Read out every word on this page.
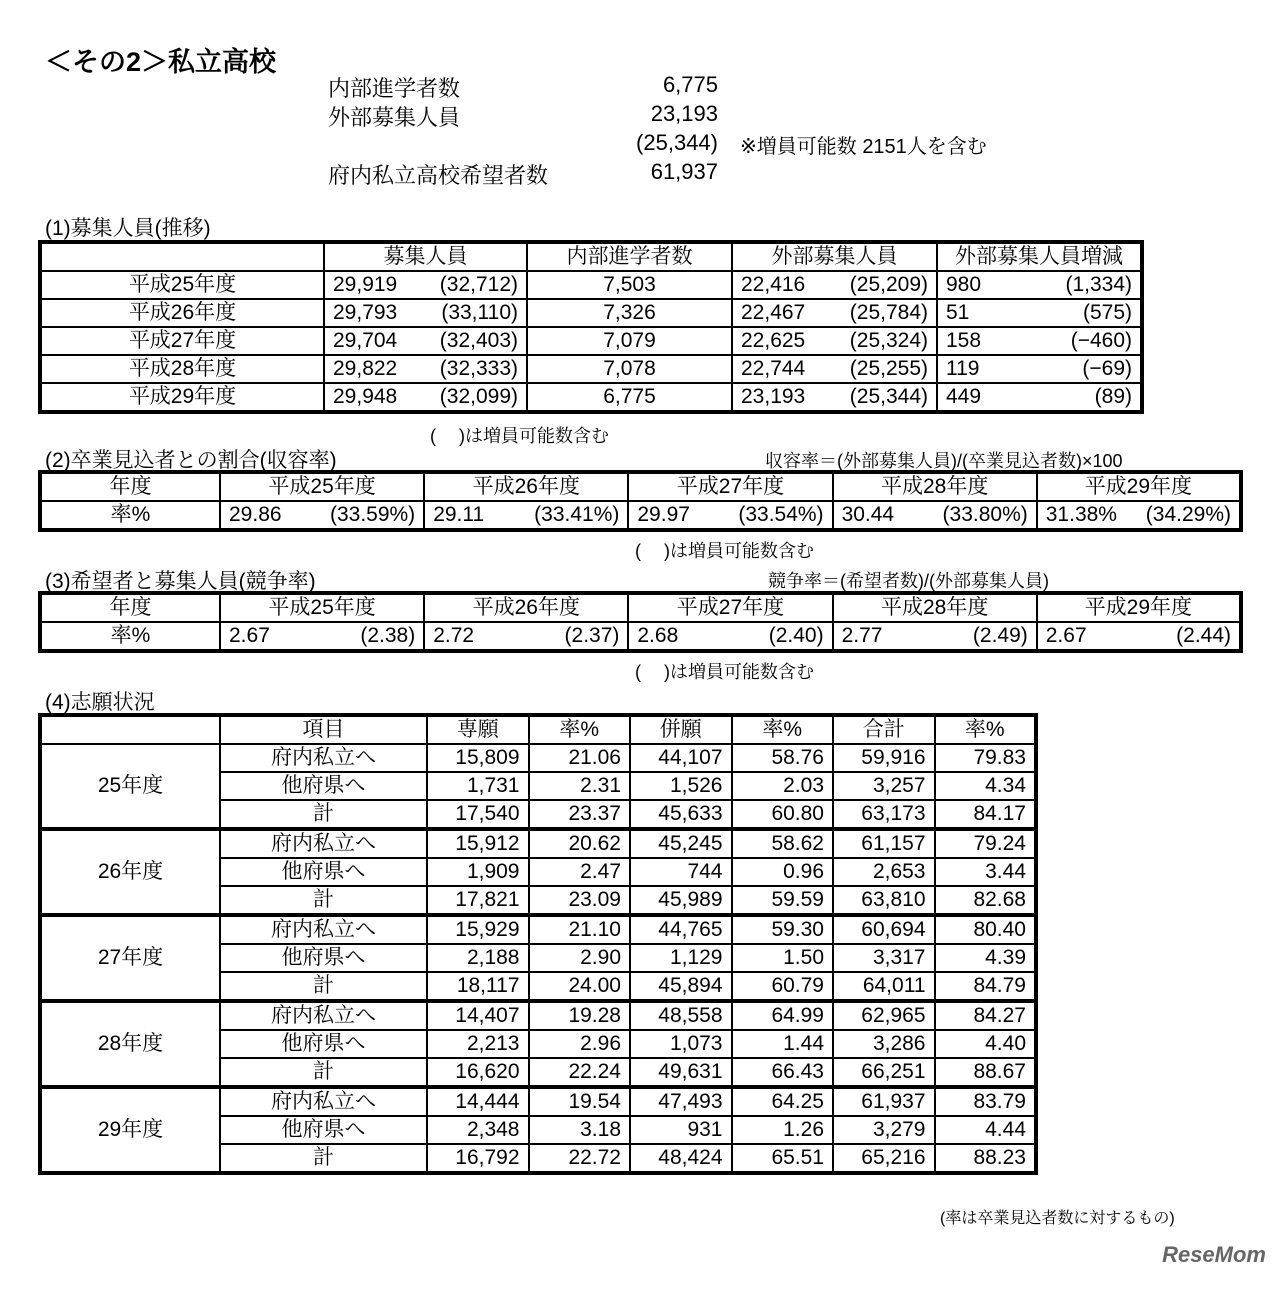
＜その2＞私立高校
内部進学者数	6,775
外部募集人員	23,193
(25,344) ※増員可能数 2151人を含む
府内私立高校希望者数	61,937
(1)募集人員(推移)
	募集人員	内部進学者数	外部募集人員	外部募集人員増減
平成25年度	29,919 (32,712)	7,503	22,416 (25,209)	980 (1,334)

平成26年度	29,793 (33,110)	7,326	22,467 (25,784)	51 (575)

平成27年度	29,704 (32,403)	7,079	22,625 (25,324)	158 (−460)

平成28年度	29,822 (32,333)	7,078	22,744 (25,255)	119 (−69)

平成29年度	29,948 (32,099)	6,775	23,193 (25,344)	449 (89)
(　 )は増員可能数含む
(2)卒業見込者との割合(収容率)	収容率＝(外部募集人員)/(卒業見込者数)×100
年度	平成25年度	平成26年度	平成27年度	平成28年度	平成29年度
率%	29.86 (33.59%)	29.11 (33.41%)	29.97 (33.54%)	30.44 (33.80%)	31.38% (34.29%)
(　 )は増員可能数含む
(3)希望者と募集人員(競争率)	競争率＝(希望者数)/(外部募集人員)
年度	平成25年度	平成26年度	平成27年度	平成28年度	平成29年度
率%	2.67 (2.38)	2.72 (2.37)	2.68 (2.40)	2.77 (2.49)	2.67 (2.44)
(　 )は増員可能数含む
(4)志願状況
	項目	専願	率%	併願	率%	合計	率%
25年度	府内私立へ	15,809	21.06	44,107	58.76	59,916	79.83
	他府県へ	1,731	2.31	1,526	2.03	3,257	4.34
	計	17,540	23.37	45,633	60.80	63,173	84.17
26年度	府内私立へ	15,912	20.62	45,245	58.62	61,157	79.24
	他府県へ	1,909	2.47	744	0.96	2,653	3.44
	計	17,821	23.09	45,989	59.59	63,810	82.68
27年度	府内私立へ	15,929	21.10	44,765	59.30	60,694	80.40
	他府県へ	2,188	2.90	1,129	1.50	3,317	4.39
	計	18,117	24.00	45,894	60.79	64,011	84.79
28年度	府内私立へ	14,407	19.28	48,558	64.99	62,965	84.27
	他府県へ	2,213	2.96	1,073	1.44	3,286	4.40
	計	16,620	22.24	49,631	66.43	66,251	88.67
29年度	府内私立へ	14,444	19.54	47,493	64.25	61,937	83.79
	他府県へ	2,348	3.18	931	1.26	3,279	4.44
	計	16,792	22.72	48,424	65.51	65,216	88.23
(率は卒業見込者数に対するもの)
ReseMom
